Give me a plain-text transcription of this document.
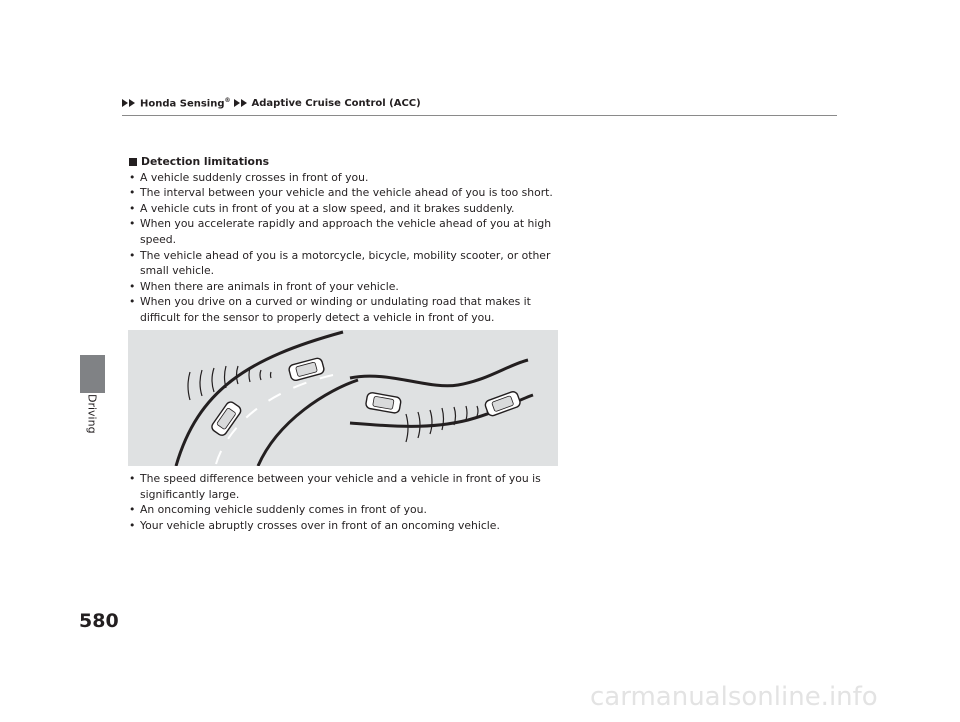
Honda Sensing® Adaptive Cruise Control (ACC)
Driving
Detection limitations
• A vehicle suddenly crosses in front of you.
• The interval between your vehicle and the vehicle ahead of you is too short.
• A vehicle cuts in front of you at a slow speed, and it brakes suddenly.
• When you accelerate rapidly and approach the vehicle ahead of you at high speed.
• The vehicle ahead of you is a motorcycle, bicycle, mobility scooter, or other small vehicle.
• When there are animals in front of your vehicle.
• When you drive on a curved or winding or undulating road that makes it difficult for the sensor to properly detect a vehicle in front of you.
• The speed difference between your vehicle and a vehicle in front of you is significantly large.
• An oncoming vehicle suddenly comes in front of you.
• Your vehicle abruptly crosses over in front of an oncoming vehicle.
580
carmanualsonline.info
